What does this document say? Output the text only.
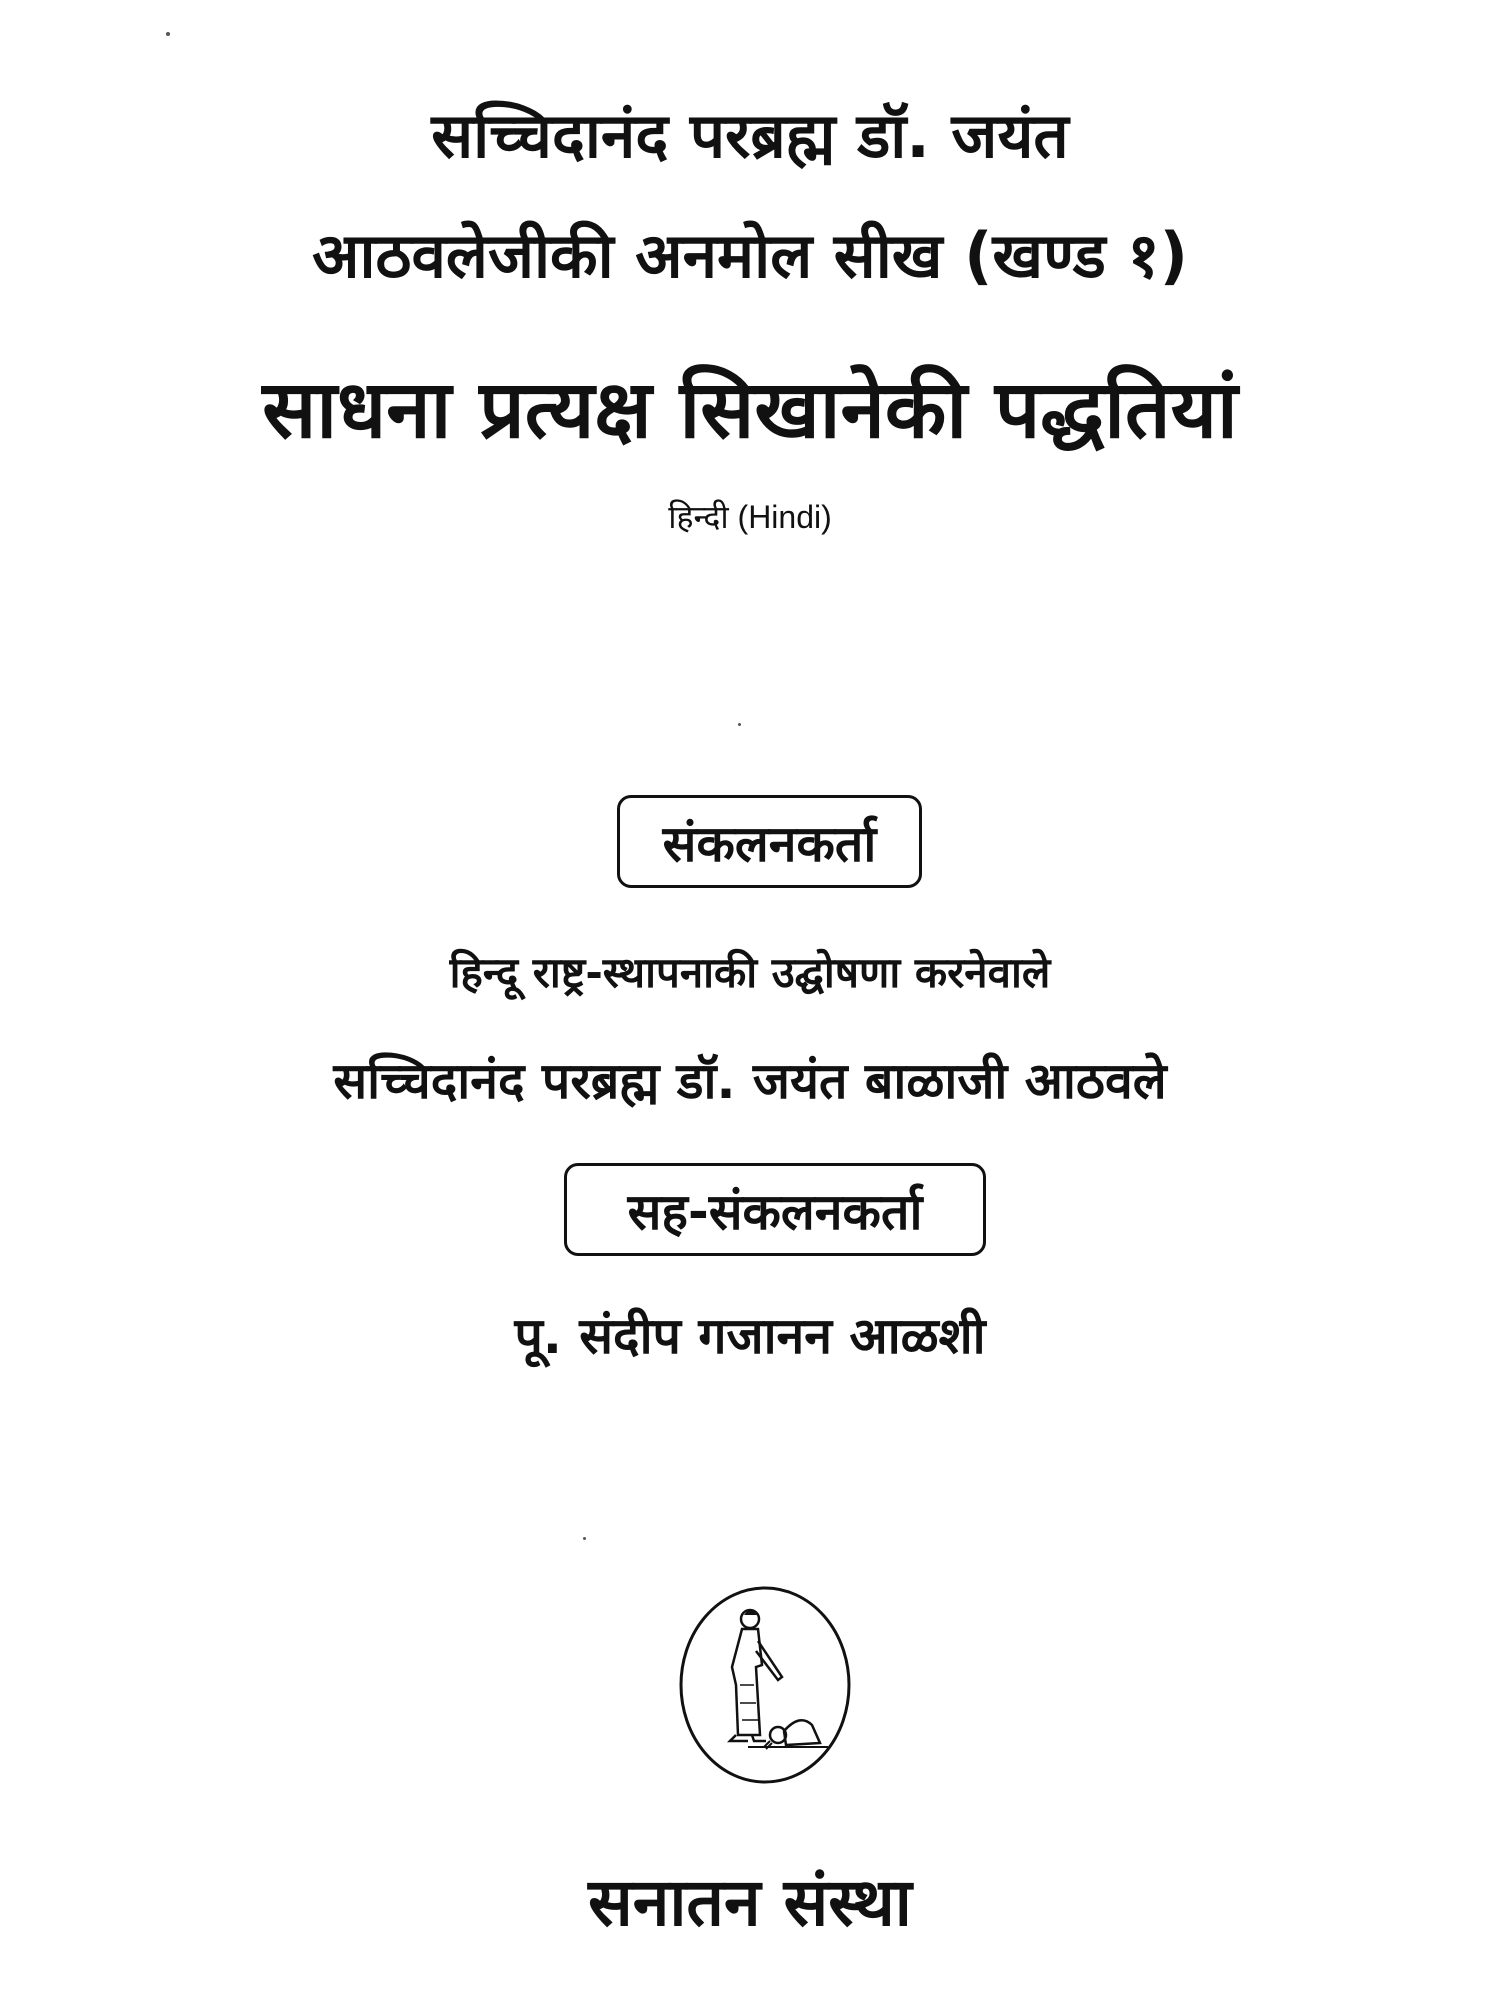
सच्चिदानंद परब्रह्म डॉ. जयंत
आठवलेजीकी अनमोल सीख (खण्ड १)
साधना प्रत्यक्ष सिखानेकी पद्धतियां
हिन्दी (Hindi)
संकलनकर्ता
हिन्दू राष्ट्र-स्थापनाकी उद्घोषणा करनेवाले
सच्चिदानंद परब्रह्म डॉ. जयंत बाळाजी आठवले
सह-संकलनकर्ता
पू. संदीप गजानन आळशी
सनातन संस्था
